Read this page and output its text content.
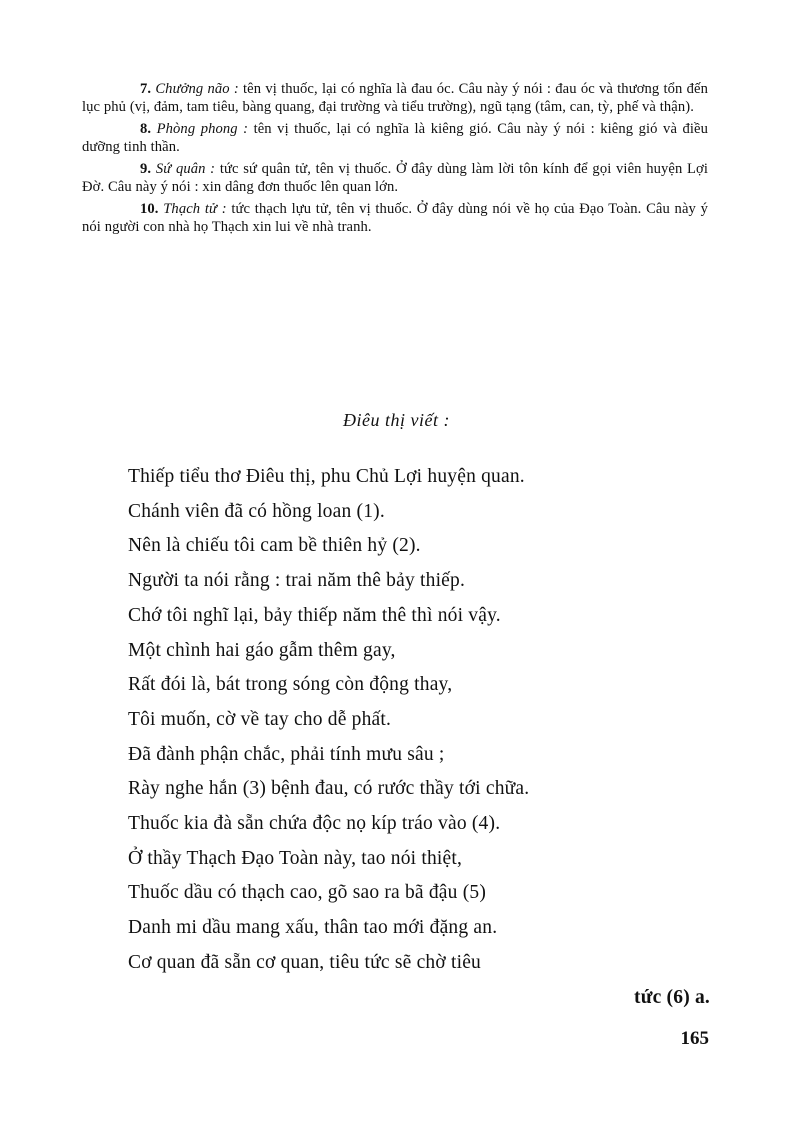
7. Chưởng não : tên vị thuốc, lại có nghĩa là đau óc. Câu này ý nói : đau óc và thương tổn đến lục phủ (vị, đảm, tam tiêu, bàng quang, đại trường và tiểu trường), ngũ tạng (tâm, can, tỳ, phế và thận).

8. Phòng phong : tên vị thuốc, lại có nghĩa là kiêng gió. Câu này ý nói : kiêng gió và điều dưỡng tinh thần.

9. Sứ quân : tức sứ quân tử, tên vị thuốc. Ở đây dùng làm lời tôn kính để gọi viên huyện Lợi Đờ. Câu này ý nói : xin dâng đơn thuốc lên quan lớn.

10. Thạch tử : tức thạch lựu tử, tên vị thuốc. Ở đây dùng nói về họ của Đạo Toàn. Câu này ý nói người con nhà họ Thạch xin lui về nhà tranh.

Điêu thị viết :
Thiếp tiểu thơ Điêu thị, phu Chủ Lợi huyện quan.
Chánh viên đã có hồng loan (1).
Nên là chiếu tôi cam bề thiên hỷ (2).
Người ta nói rằng : trai năm thê bảy thiếp.
Chớ tôi nghĩ lại, bảy thiếp năm thê thì nói vậy.
Một chình hai gáo gẫm thêm gay,
Rất đói là, bát trong sóng còn động thay,
Tôi muốn, cờ về tay cho dễ phất.
Đã đành phận chắc, phải tính mưu sâu ;
Rày nghe hắn (3) bệnh đau, có rước thầy tới chữa.
Thuốc kia đà sẵn chứa độc nọ kíp tráo vào (4).
Ở thầy Thạch Đạo Toàn này, tao nói thiệt,
Thuốc dầu có thạch cao, gõ sao ra bã đậu (5)
Danh mi dầu mang xấu, thân tao mới đặng an.
Cơ quan đã sẵn cơ quan, tiêu tức sẽ chờ tiêu
tức (6) a.
165
